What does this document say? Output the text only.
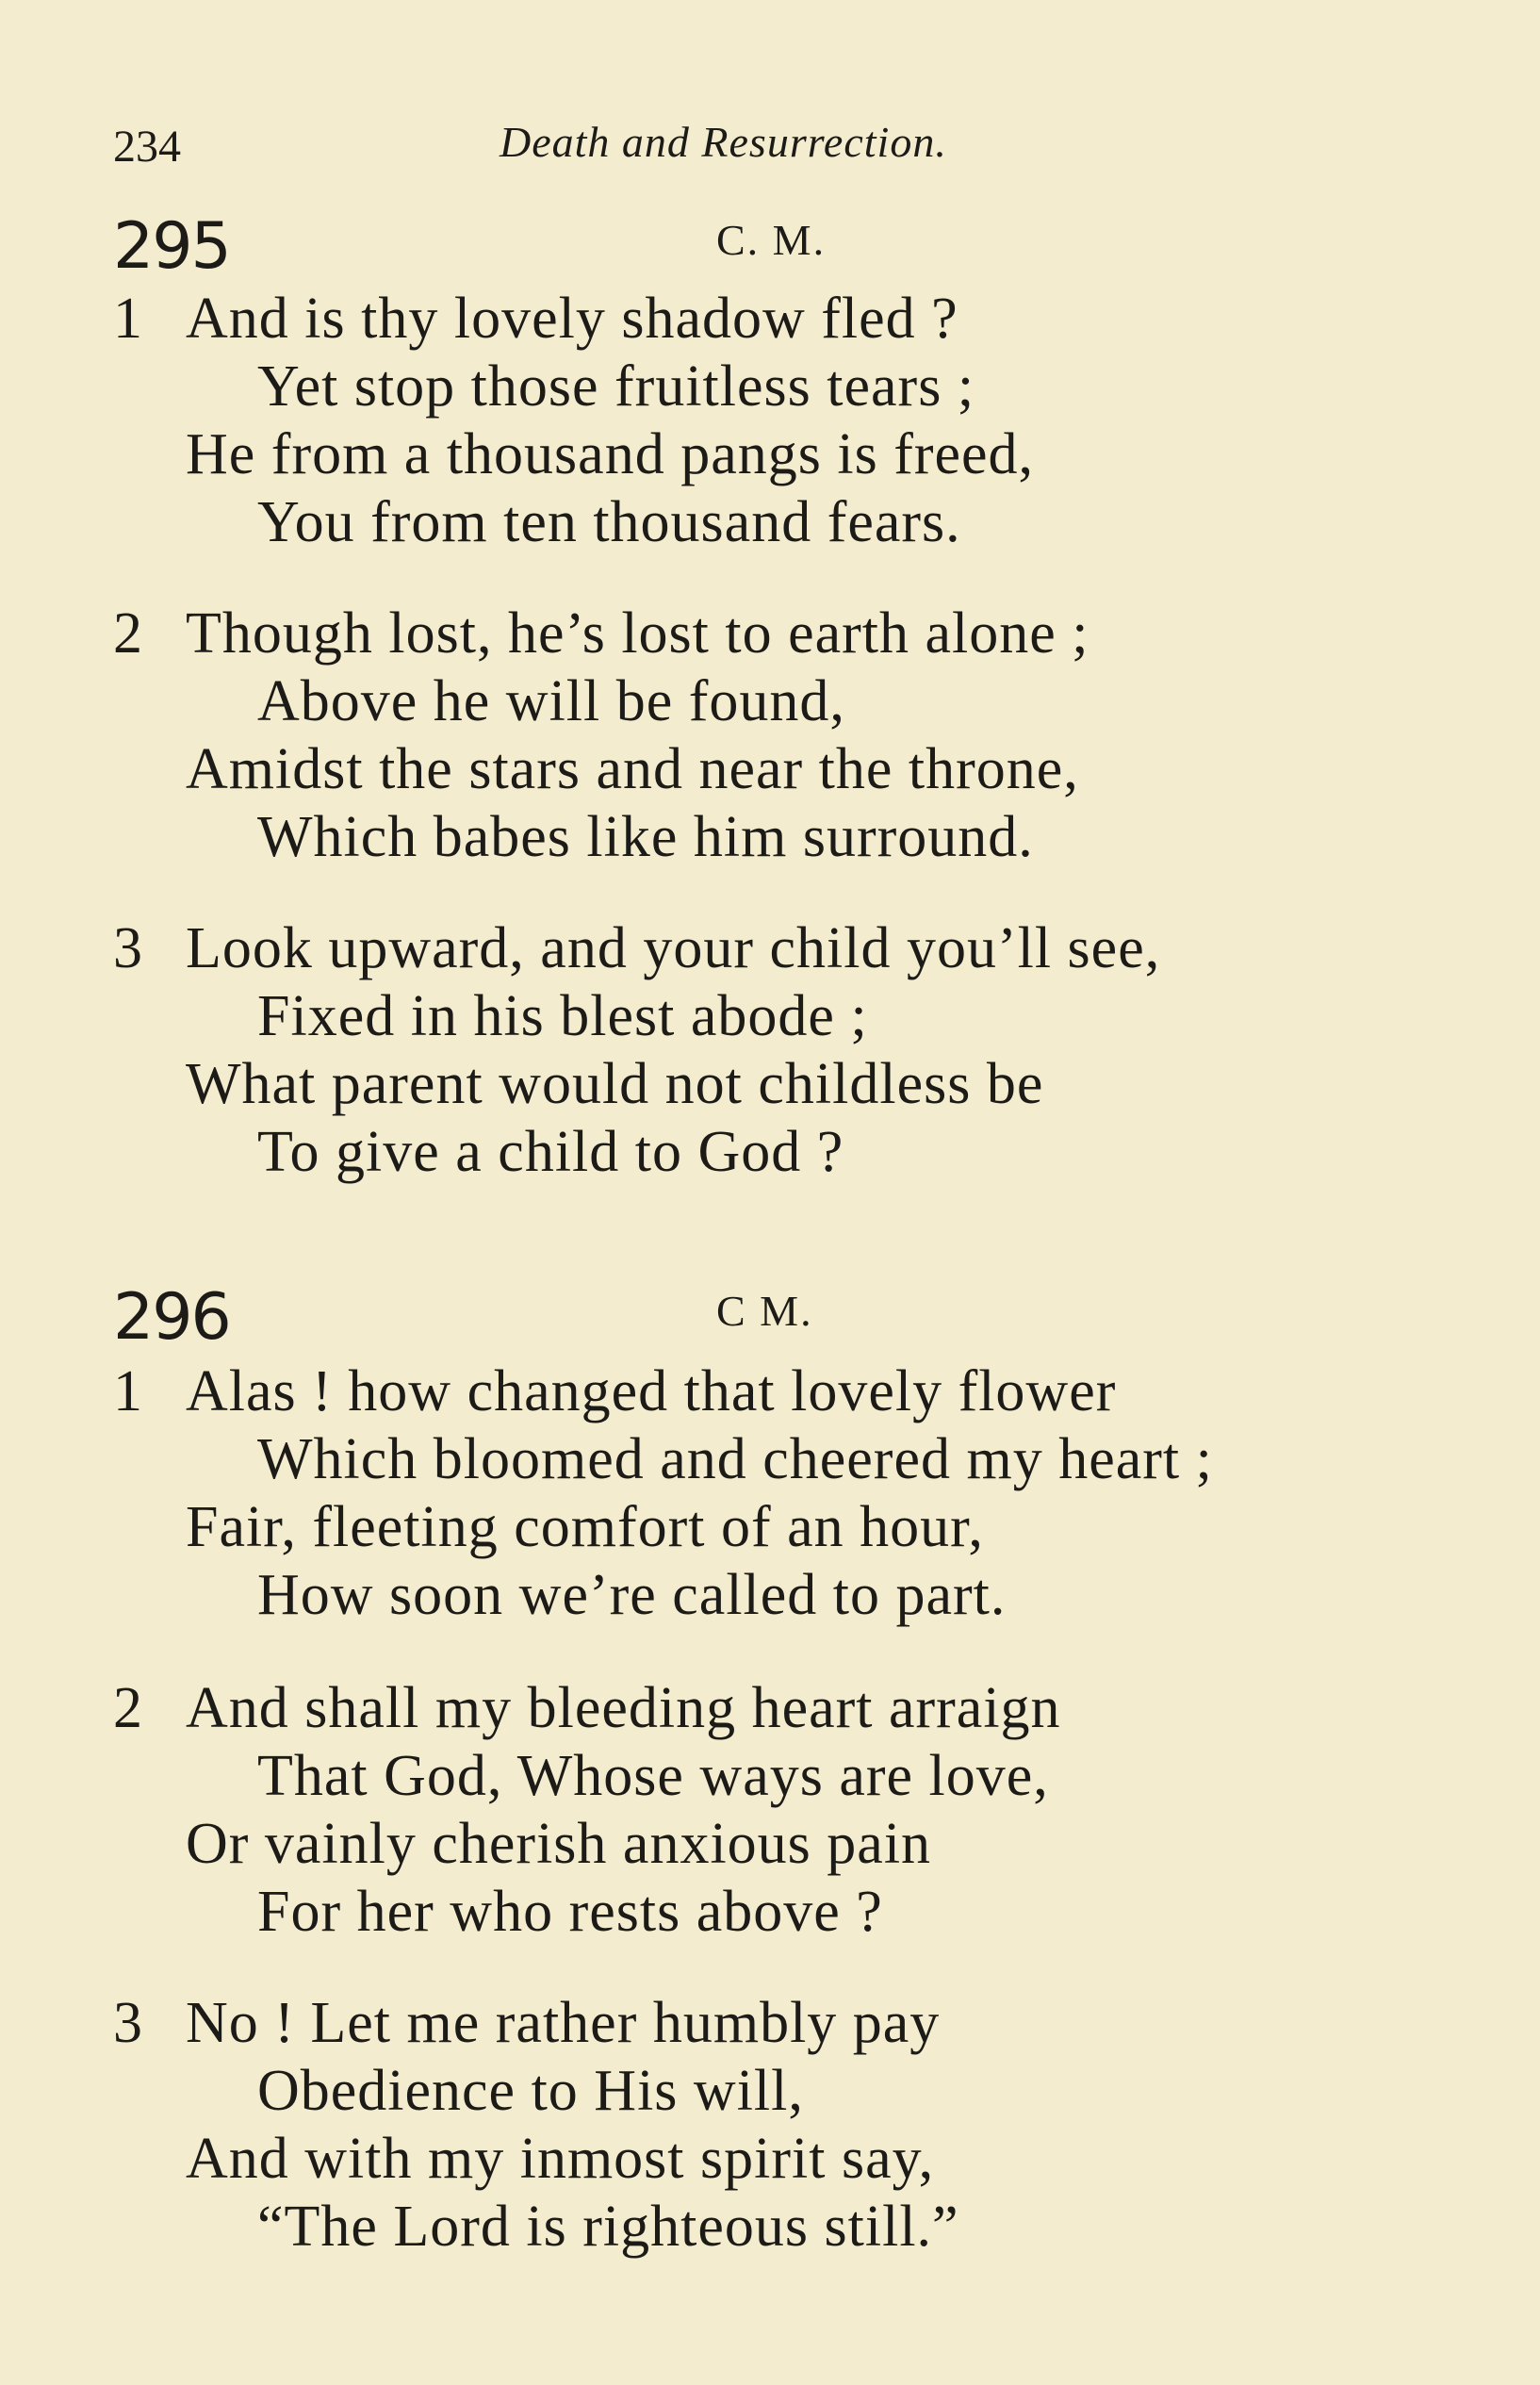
234	Death and Resurrection.
295	C. M.
1 And is thy lovely shadow fled ?
Yet stop those fruitless tears ;
He from a thousand pangs is freed,
You from ten thousand fears.
2 Though lost, he’s lost to earth alone ;
Above he will be found,
Amidst the stars and near the throne,
Which babes like him surround.
3 Look upward, and your child you’ll see,
Fixed in his blest abode ;
What parent would not childless be
To give a child to God ?
296	C M.
1 Alas ! how changed that lovely flower
Which bloomed and cheered my heart ;
Fair, fleeting comfort of an hour,
How soon we’re called to part.
2 And shall my bleeding heart arraign
That God, Whose ways are love,
Or vainly cherish anxious pain
For her who rests above ?
3 No ! Let me rather humbly pay
Obedience to His will,
And with my inmost spirit say,
“The Lord is righteous still.”
